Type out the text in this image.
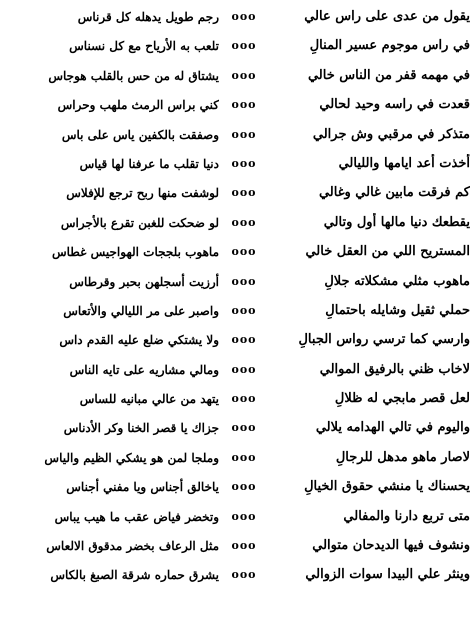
يقول من عدى على راس عالي
ooo
رجم طويل يدهله كل قرناس
في راس موجوم عسير المنالِ
ooo
تلعب به الأرياح مع كل نسناس
في مهمه قفر من الناس خالي
ooo
يشتاق له من حس بالقلب هوجاس
قعدت في راسه وحيد لحالي
ooo
كني براس الرمث ملهب وحراس
متذكر في مرقبي وش جرالي
ooo
وصفقت بالكفين ياس على باس
أخذت أعد ايامها والليالي
ooo
دنيا تقلب ما عرفنا لها قياس
كم فرقت مابين غالي وغالي
ooo
لوشفت منها ربح ترجع للإفلاس
يقطعك دنيا مالها أول وتالي
ooo
لو ضحكت للغبن تقرع بالأجراس
المستريح اللي من العقل خالي
ooo
ماهوب بلججات الهواجيس غطاس
ماهوب مثلي مشكلاته جلالِ
ooo
أرزيت أسجلهن بحبر وقرطاس
حملي ثقيل وشايله باحتمالِ
ooo
واصبر على مر الليالي والأتعاس
وارسي كما ترسي رواس الجبالِ
ooo
ولا يشتكي ضلع عليه القدم داس
لاخاب ظني بالرفيق الموالي
ooo
ومالي مشاريه على تايه الناس
لعل قصر مابجي له ظلالِ
ooo
يتهد من عالي مبانيه للساس
واليوم في تالي الهدامه يلالي
ooo
جزاك يا قصر الخنا وكر الأدناس
لاصار ماهو مدهل للرجالِ
ooo
وملجا لمن هو يشكي الظيم والياس
يحسناك يا منشي حقوق الخيالِ
ooo
ياخالق أجناس ويا مفني أجناس
متى تربع دارنا والمفالي
ooo
وتخضر فياض عقب ما هيب يباس
ونشوف فيها الديدحان متوالي
ooo
مثل الرعاف بخضر مدقوق الالعاس
وينثر علي البيدا سوات الزوالي
ooo
يشرق حماره شرقة الصبغ بالكاس
